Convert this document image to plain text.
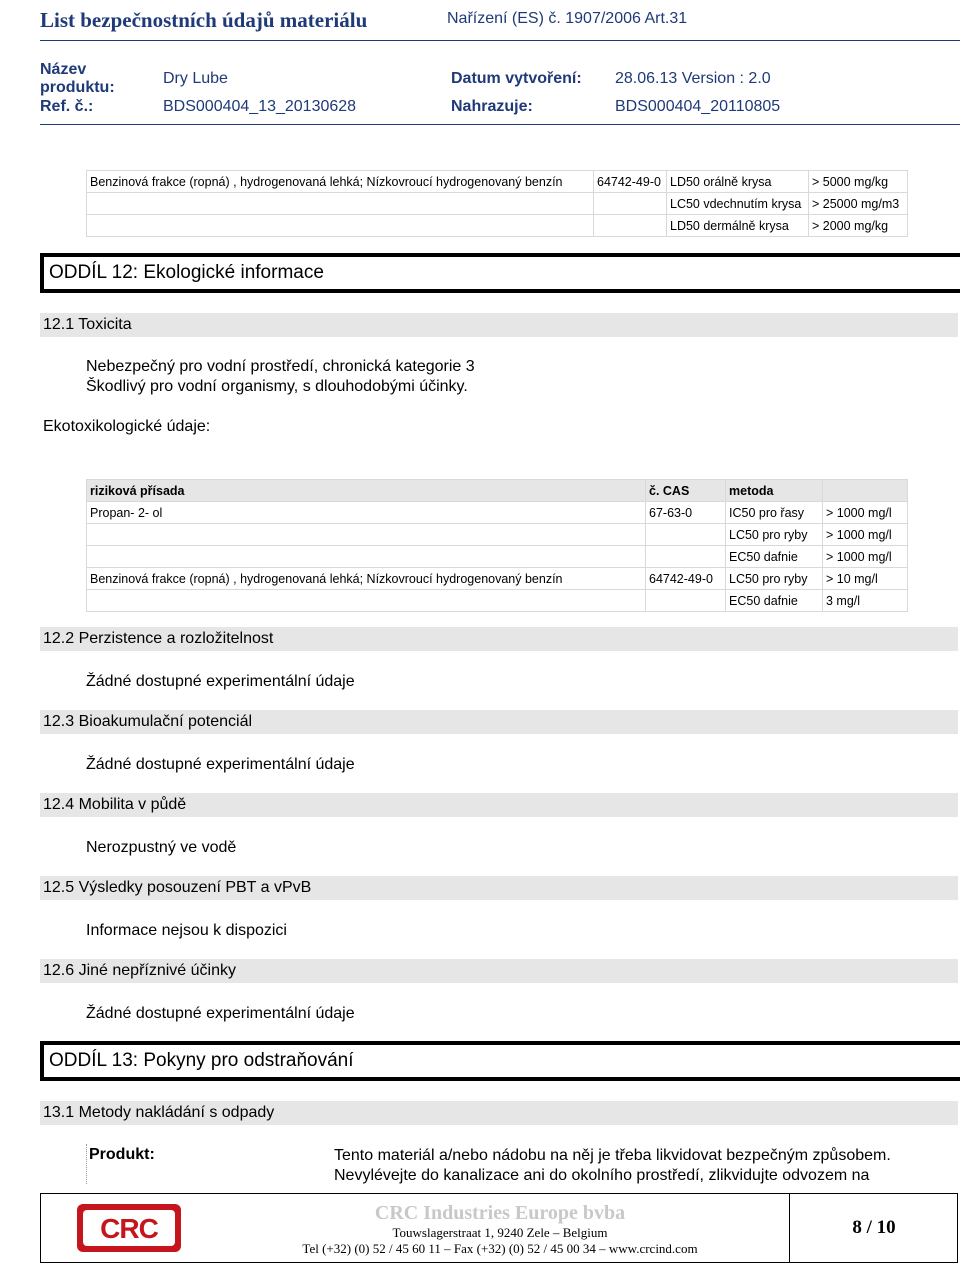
List bezpečnostních údajů materiálu	Nařízení (ES) č. 1907/2006 Art.31
Název
produktu:
Dry Lube	Datum vytvoření: 28.06.13 Version : 2.0
Ref. č.:	BDS000404_13_20130628	Nahrazuje:	BDS000404_20110805
Benzinová frakce (ropná) , hydrogenovaná lehká; Nízkovroucí hydrogenovaný benzín	64742-49-0	LD50 orálně krysa	> 5000 mg/kg
		LC50 vdechnutím krysa	> 25000 mg/m3
		LD50 dermálně krysa	> 2000 mg/kg
ODDÍL 12: Ekologické informace
12.1 Toxicita
Nebezpečný pro vodní prostředí, chronická kategorie 3
Škodlivý pro vodní organismy, s dlouhodobými účinky.
Ekotoxikologické údaje:
riziková přísada	č. CAS	metoda	
Propan- 2- ol	67-63-0	IC50 pro řasy	> 1000 mg/l
		LC50 pro ryby	> 1000 mg/l
		EC50 dafnie	> 1000 mg/l
Benzinová frakce (ropná) , hydrogenovaná lehká; Nízkovroucí hydrogenovaný benzín	64742-49-0	LC50 pro ryby	> 10 mg/l
		EC50 dafnie	3 mg/l
12.2 Perzistence a rozložitelnost
Žádné dostupné experimentální údaje
12.3 Bioakumulační potenciál
Žádné dostupné experimentální údaje
12.4 Mobilita v půdě
Nerozpustný ve vodě
12.5 Výsledky posouzení PBT a vPvB
Informace nejsou k dispozici
12.6 Jiné nepříznivé účinky
Žádné dostupné experimentální údaje
ODDÍL 13: Pokyny pro odstraňování
13.1 Metody nakládání s odpady
Produkt:	Tento materiál a/nebo nádobu na něj je třeba likvidovat bezpečným způsobem.
Nevylévejte do kanalizace ani do okolního prostředí, zlikvidujte odvozem na
CRC	CRC Industries Europe bvba
Touwslagerstraat 1, 9240 Zele – Belgium
Tel (+32) (0) 52 / 45 60 11 – Fax (+32) (0) 52 / 45 00 34 – www.crcind.com
8 / 10
